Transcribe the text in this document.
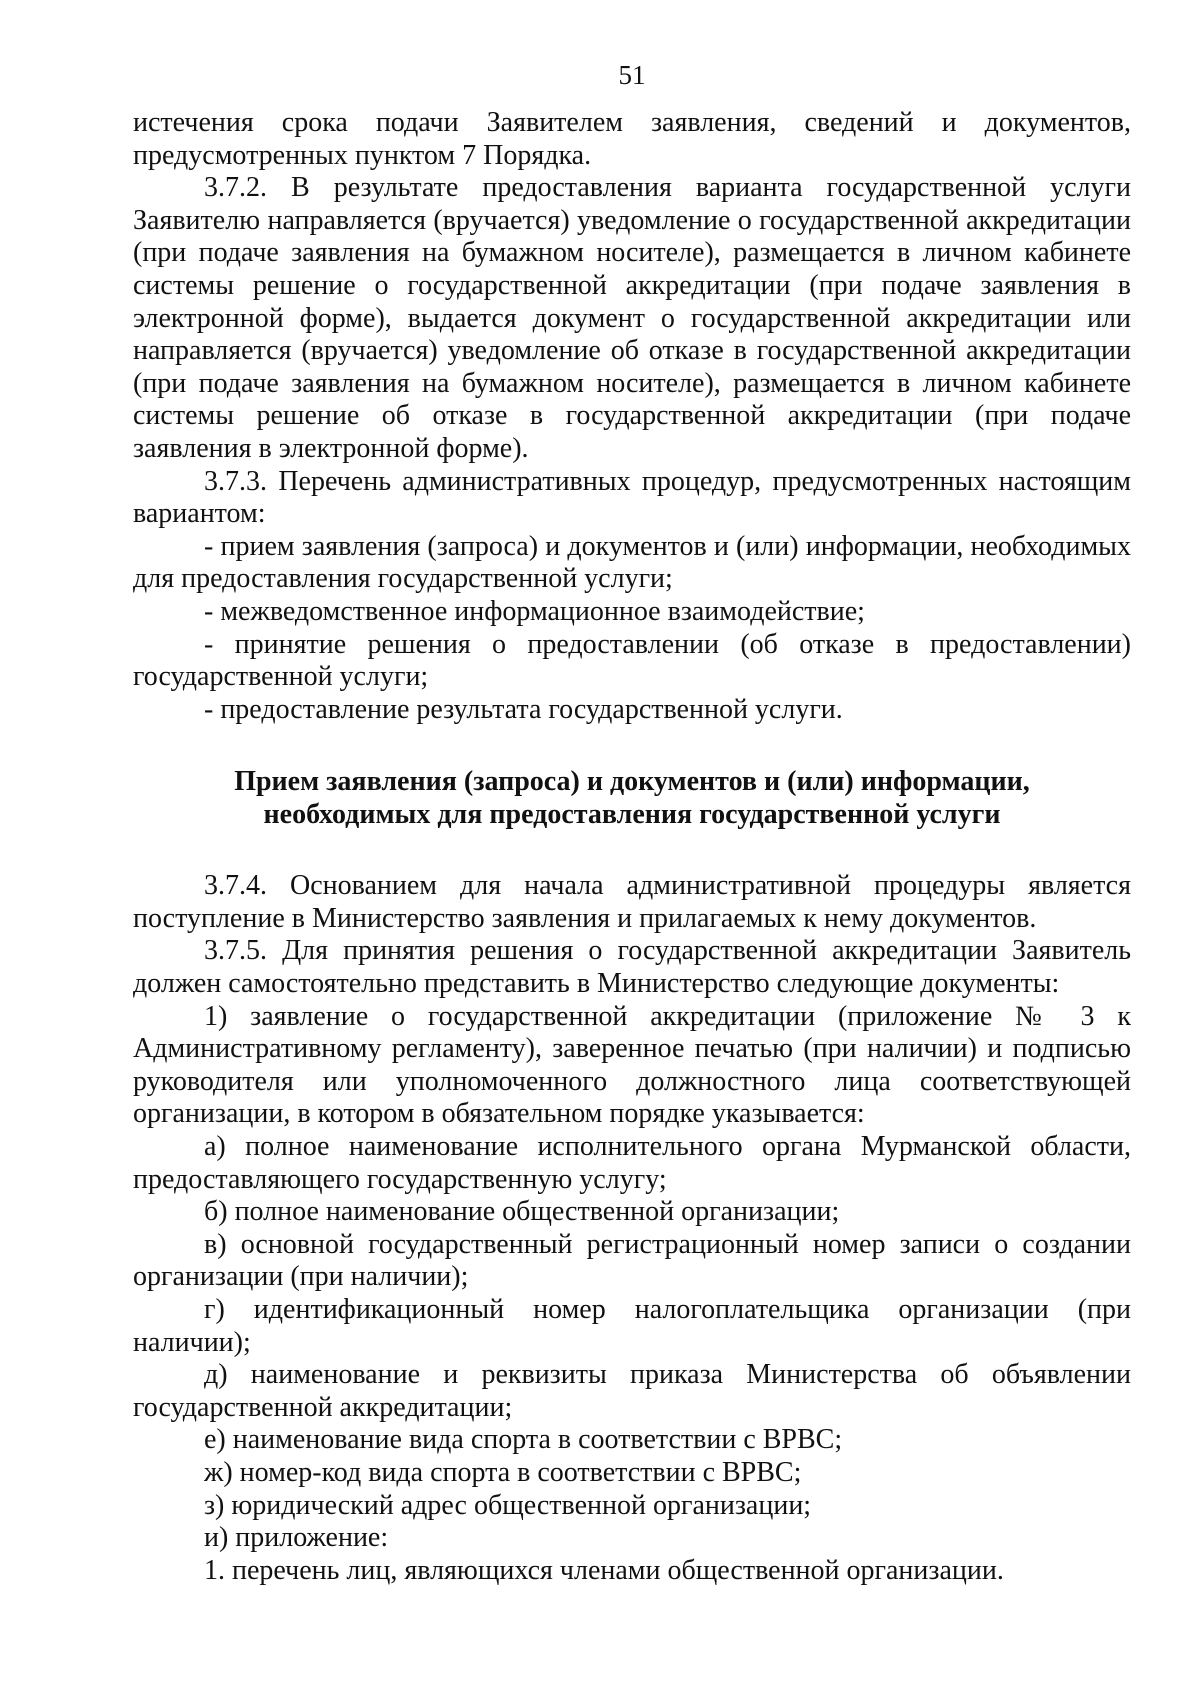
51

истечения срока подачи Заявителем заявления, сведений и документов, предусмотренных пунктом 7 Порядка.

3.7.2. В результате предоставления варианта государственной услуги Заявителю направляется (вручается) уведомление о государственной аккредитации (при подаче заявления на бумажном носителе), размещается в личном кабинете системы решение о государственной аккредитации (при подаче заявления в электронной форме), выдается документ о государственной аккредитации или направляется (вручается) уведомление об отказе в государственной аккредитации (при подаче заявления на бумажном носителе), размещается в личном кабинете системы решение об отказе в государственной аккредитации (при подаче заявления в электронной форме).

3.7.3. Перечень административных процедур, предусмотренных настоящим вариантом:

- прием заявления (запроса) и документов и (или) информации, необходимых для предоставления государственной услуги;

- межведомственное информационное взаимодействие;

- принятие решения о предоставлении (об отказе в предоставлении) государственной услуги;

- предоставление результата государственной услуги.

Прием заявления (запроса) и документов и (или) информации,
необходимых для предоставления государственной услуги

3.7.4. Основанием для начала административной процедуры является поступление в Министерство заявления и прилагаемых к нему документов.

3.7.5. Для принятия решения о государственной аккредитации Заявитель должен самостоятельно представить в Министерство следующие документы:

1) заявление о государственной аккредитации (приложение № 3 к Административному регламенту), заверенное печатью (при наличии) и подписью руководителя или уполномоченного должностного лица соответствующей организации, в котором в обязательном порядке указывается:

а) полное наименование исполнительного органа Мурманской области, предоставляющего государственную услугу;

б) полное наименование общественной организации;

в) основной государственный регистрационный номер записи о создании организации (при наличии);

г) идентификационный номер налогоплательщика организации (при наличии);

д) наименование и реквизиты приказа Министерства об объявлении государственной аккредитации;

е) наименование вида спорта в соответствии с ВРВС;

ж) номер-код вида спорта в соответствии с ВРВС;

з) юридический адрес общественной организации;

и) приложение:

1. перечень лиц, являющихся членами общественной организации.
